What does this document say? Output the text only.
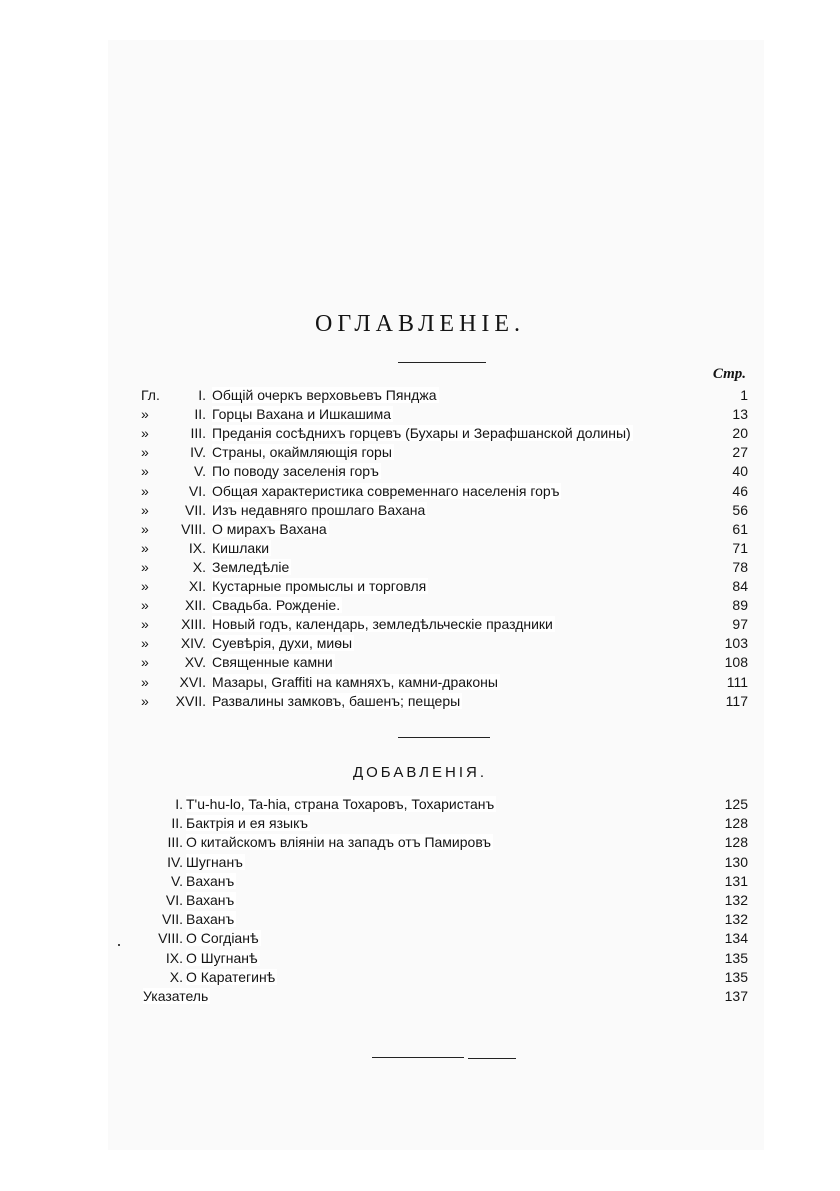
ОГЛАВЛЕНІЕ.
Стр.
Гл.	I. Общій очеркъ верховьевъ Пянджа	1
»	II. Горцы Вахана и Ишкашима	13
»	III. Преданія сосѣднихъ горцевъ (Бухары и Зерафшанской долины)	20
»	IV. Страны, окаймляющія горы	27
»	V. По поводу заселенія горъ	40
»	VI. Общая характеристика современнаго населенія горъ	46
»	VII. Изъ недавняго прошлаго Вахана	56
»	VIII. О мирахъ Вахана	61
»	IX. Кишлаки	71
»	X. Земледѣліе	78
»	XI. Кустарные промыслы и торговля	84
»	XII. Свадьба. Рожденіе.	89
»	XIII. Новый годъ, календарь, земледѣльческіе праздники	97
»	XIV. Суевѣрія, духи, миѳы	103
»	XV. Священные камни	108
»	XVI. Мазары, Graffiti на камняхъ, камни-драконы	111
»	XVII. Развалины замковъ, башенъ; пещеры	117
ДОБАВЛЕНІЯ.
I. T'u-hu-lo, Ta-hia, страна Тохаровъ, Тохаристанъ	125
II. Бактрія и ея языкъ	128
III. О китайскомъ вліяніи на западъ отъ Памировъ	128
IV. Шугнанъ	130
V. Ваханъ	131
VI. Ваханъ	132
VII. Ваханъ	132
VIII. О Согдіанѣ	134
IX. О Шугнанѣ	135
X. О Каратегинѣ	135
Указатель	137
